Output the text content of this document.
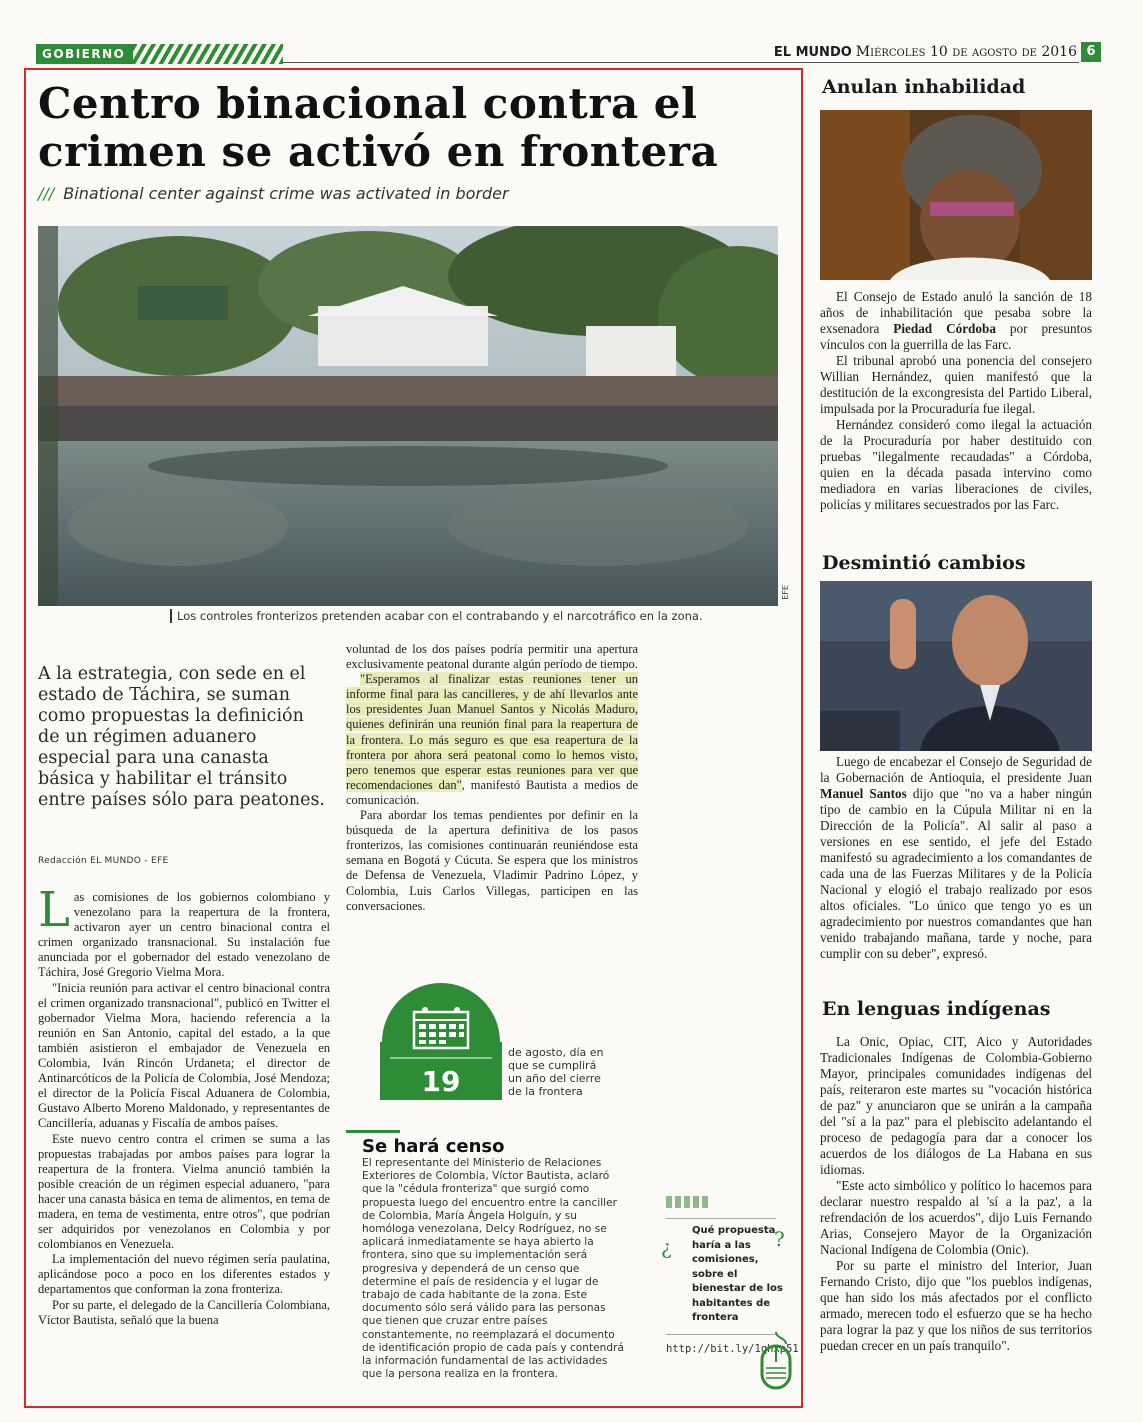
GOBIERNO	EL MUNDO Miércoles 10 de agosto de 2016 6
Centro binacional contra el
crimen se activó en frontera
/// Binational center against crime was activated in border
EFE
Los controles fronterizos pretenden acabar con el contrabando y el narcotráfico en la zona.
A la estrategia, con sede en el estado de Táchira, se suman como propuestas la definición de un régimen aduanero especial para una canasta básica y habilitar el tránsito entre países sólo para peatones.
Redacción EL MUNDO - EFE

Las comisiones de los gobiernos colombiano y venezolano para la reapertura de la frontera, activaron ayer un centro binacional contra el crimen organizado transnacional. Su instalación fue anunciada por el gobernador del estado venezolano de Táchira, José Gregorio Vielma Mora.

"Inicia reunión para activar el centro binacional contra el crimen organizado transnacional", publicó en Twitter el gobernador Vielma Mora, haciendo referencia a la reunión en San Antonio, capital del estado, a la que también asistieron el embajador de Venezuela en Colombia, Iván Rincón Urdaneta; el director de Antinarcóticos de la Policía de Colombia, José Mendoza; el director de la Policía Fiscal Aduanera de Colombia, Gustavo Alberto Moreno Maldonado, y representantes de Cancillería, aduanas y Fiscalía de ambos países.

Este nuevo centro contra el crimen se suma a las propuestas trabajadas por ambos países para lograr la reapertura de la frontera. Vielma anunció también la posible creación de un régimen especial aduanero, "para hacer una canasta básica en tema de alimentos, en tema de madera, en tema de vestimenta, entre otros", que podrían ser adquiridos por venezolanos en Colombia y por colombianos en Venezuela.

La implementación del nuevo régimen sería paulatina, aplicándose poco a poco en los diferentes estados y departamentos que conforman la zona fronteriza.

Por su parte, el delegado de la Cancillería Colombiana, Víctor Bautista, señaló que la buena

voluntad de los dos países podría permitir una apertura exclusivamente peatonal durante algún período de tiempo.

"Esperamos al finalizar estas reuniones tener un informe final para las cancilleres, y de ahí llevarlos ante los presidentes Juan Manuel Santos y Nicolás Maduro, quienes definirán una reunión final para la reapertura de la frontera. Lo más seguro es que esa reapertura de la frontera por ahora será peatonal como lo hemos visto, pero tenemos que esperar estas reuniones para ver que recomendaciones dan", manifestó Bautista a medios de comunicación.

Para abordar los temas pendientes por definir en la búsqueda de la apertura definitiva de los pasos fronterizos, las comisiones continuarán reuniéndose esta semana en Bogotá y Cúcuta. Se espera que los ministros de Defensa de Venezuela, Vladimir Padrino López, y Colombia, Luis Carlos Villegas, participen en las conversaciones.

19
de agosto, día en que se cumplirá un año del cierre de la frontera
Se hará censo
El representante del Ministerio de Relaciones Exteriores de Colombia, Víctor Bautista, aclaró que la "cédula fronteriza" que surgió como propuesta luego del encuentro entre la canciller de Colombia, María Ángela Holguín, y su homóloga venezolana, Delcy Rodríguez, no se aplicará inmediatamente se haya abierto la frontera, sino que su implementación será progresiva y dependerá de un censo que determine el país de residencia y el lugar de trabajo de cada habitante de la zona. Este documento sólo será válido para las personas que tienen que cruzar entre países constantemente, no reemplazará el documento de identificación propio de cada país y contendrá la información fundamental de las actividades que la persona realiza en la frontera.
¿	?
Qué propuesta haría a las comisiones, sobre el bienestar de los habitantes de frontera
http://bit.ly/1qhxp51
Anulan inhabilidad

El Consejo de Estado anuló la sanción de 18 años de inhabilitación que pesaba sobre la exsenadora Piedad Córdoba por presuntos vínculos con la guerrilla de las Farc.

El tribunal aprobó una ponencia del consejero Willian Hernández, quien manifestó que la destitución de la excongresista del Partido Liberal, impulsada por la Procuraduría fue ilegal.

Hernández consideró como ilegal la actuación de la Procuraduría por haber destituido con pruebas "ilegalmente recaudadas" a Córdoba, quien en la década pasada intervino como mediadora en varias liberaciones de civiles, policías y militares secuestrados por las Farc.

Desmintió cambios

Luego de encabezar el Consejo de Seguridad de la Gobernación de Antioquia, el presidente Juan Manuel Santos dijo que "no va a haber ningún tipo de cambio en la Cúpula Militar ni en la Dirección de la Policía". Al salir al paso a versiones en ese sentido, el jefe del Estado manifestó su agradecimiento a los comandantes de cada una de las Fuerzas Militares y de la Policía Nacional y elogió el trabajo realizado por esos altos oficiales. "Lo único que tengo yo es un agradecimiento por nuestros comandantes que han venido trabajando mañana, tarde y noche, para cumplir con su deber", expresó.

En lenguas indígenas

La Onic, Opiac, CIT, Aico y Autoridades Tradicionales Indígenas de Colombia-Gobierno Mayor, principales comunidades indígenas del país, reiteraron este martes su "vocación histórica de paz" y anunciaron que se unirán a la campaña del "sí a la paz" para el plebiscito adelantando el proceso de pedagogía para dar a conocer los acuerdos de los diálogos de La Habana en sus idiomas.

"Este acto simbólico y político lo hacemos para declarar nuestro respaldo al 'sí a la paz', a la refrendación de los acuerdos", dijo Luis Fernando Arias, Consejero Mayor de la Organización Nacional Indígena de Colombia (Onic).

Por su parte el ministro del Interior, Juan Fernando Cristo, dijo que "los pueblos indígenas, que han sido los más afectados por el conflicto armado, merecen todo el esfuerzo que se ha hecho para lograr la paz y que los niños de sus territorios puedan crecer en un país tranquilo".
